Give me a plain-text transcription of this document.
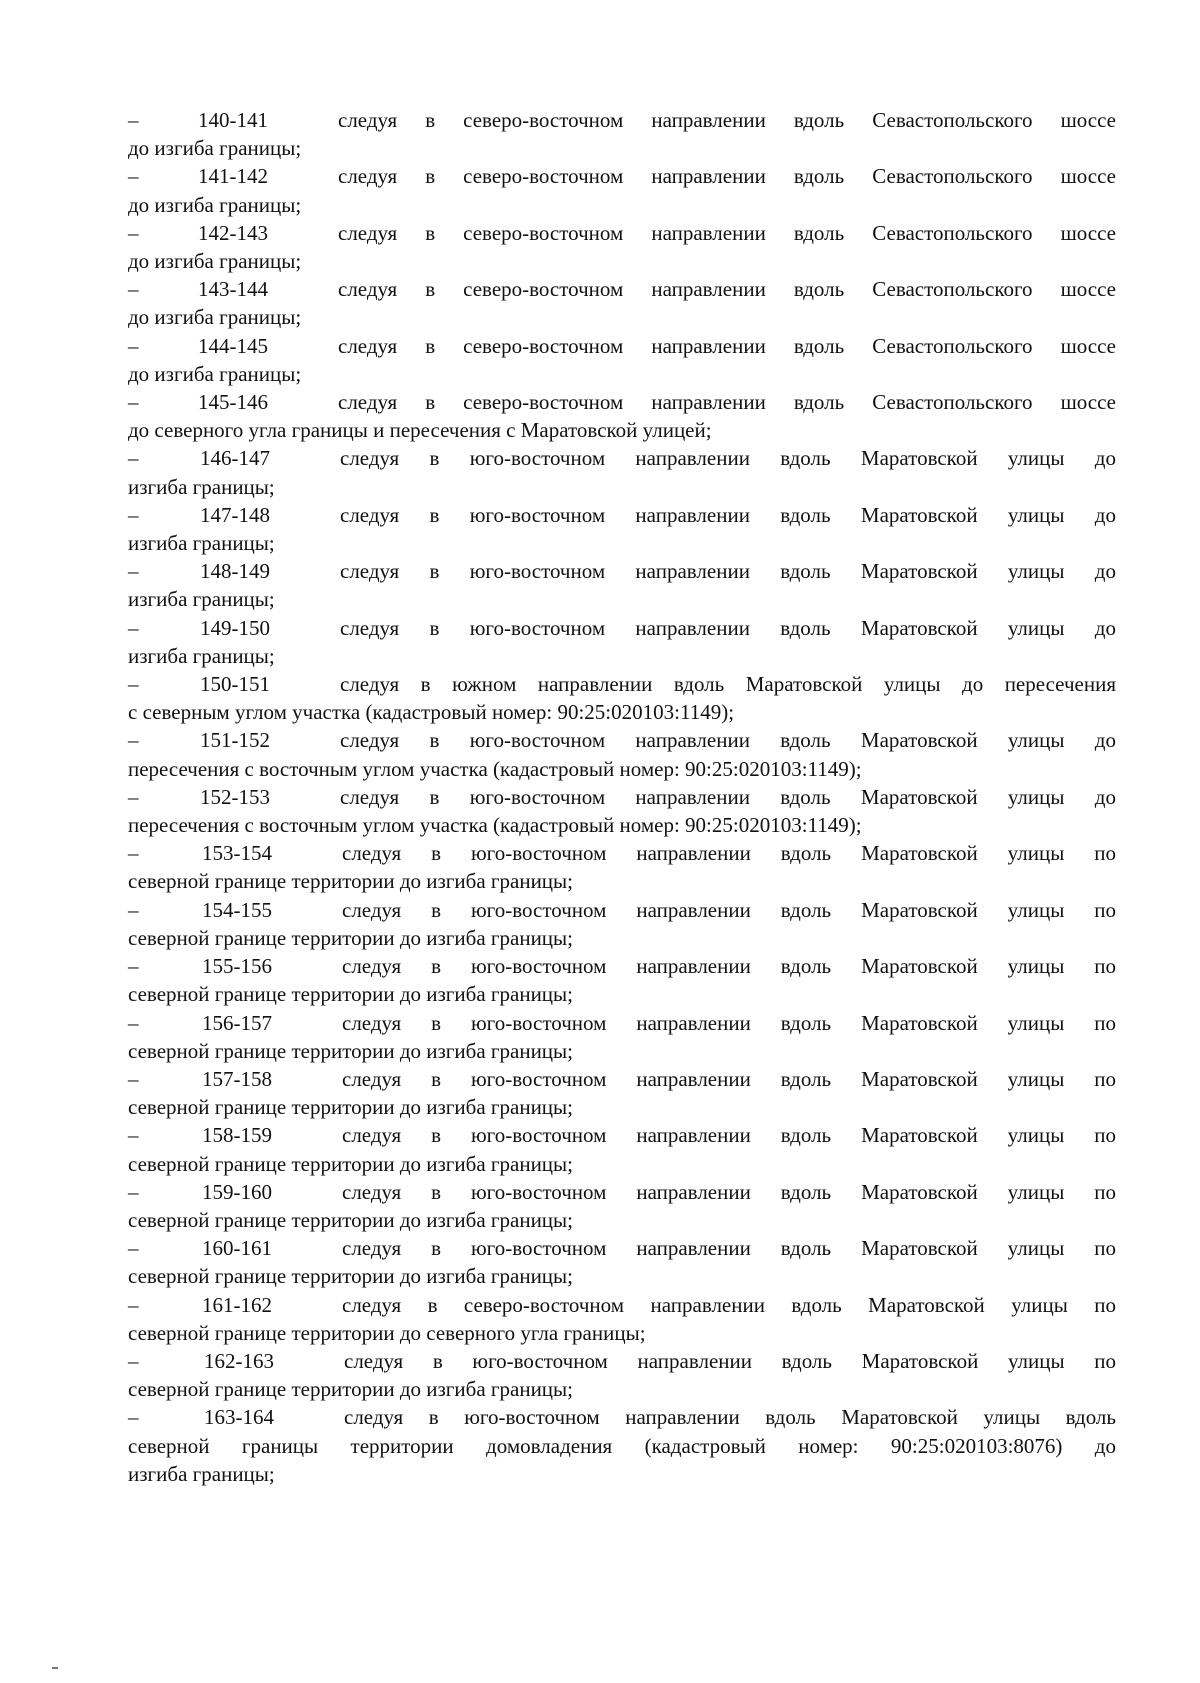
–	140-141	следуя в северо-восточном направлении вдоль Севастопольского шоссе
до изгиба границы;
–	141-142	следуя в северо-восточном направлении вдоль Севастопольского шоссе
до изгиба границы;
–	142-143	следуя в северо-восточном направлении вдоль Севастопольского шоссе
до изгиба границы;
–	143-144	следуя в северо-восточном направлении вдоль Севастопольского шоссе
до изгиба границы;
–	144-145	следуя в северо-восточном направлении вдоль Севастопольского шоссе
до изгиба границы;
–	145-146	следуя в северо-восточном направлении вдоль Севастопольского шоссе
до северного угла границы и пересечения с Маратовской улицей;
–	146-147	следуя в юго-восточном направлении вдоль Маратовской улицы до
изгиба границы;
–	147-148	следуя в юго-восточном направлении вдоль Маратовской улицы до
изгиба границы;
–	148-149	следуя в юго-восточном направлении вдоль Маратовской улицы до
изгиба границы;
–	149-150	следуя в юго-восточном направлении вдоль Маратовской улицы до
изгиба границы;
–	150-151	следуя в южном направлении вдоль Маратовской улицы до пересечения
с северным углом участка (кадастровый номер: 90:25:020103:1149);
–	151-152	следуя в юго-восточном направлении вдоль Маратовской улицы до
пересечения с восточным углом участка (кадастровый номер: 90:25:020103:1149);
–	152-153	следуя в юго-восточном направлении вдоль Маратовской улицы до
пересечения с восточным углом участка (кадастровый номер: 90:25:020103:1149);
–	153-154	следуя в юго-восточном направлении вдоль Маратовской улицы по
северной границе территории до изгиба границы;
–	154-155	следуя в юго-восточном направлении вдоль Маратовской улицы по
северной границе территории до изгиба границы;
–	155-156	следуя в юго-восточном направлении вдоль Маратовской улицы по
северной границе территории до изгиба границы;
–	156-157	следуя в юго-восточном направлении вдоль Маратовской улицы по
северной границе территории до изгиба границы;
–	157-158	следуя в юго-восточном направлении вдоль Маратовской улицы по
северной границе территории до изгиба границы;
–	158-159	следуя в юго-восточном направлении вдоль Маратовской улицы по
северной границе территории до изгиба границы;
–	159-160	следуя в юго-восточном направлении вдоль Маратовской улицы по
северной границе территории до изгиба границы;
–	160-161	следуя в юго-восточном направлении вдоль Маратовской улицы по
северной границе территории до изгиба границы;
–	161-162	следуя в северо-восточном направлении вдоль Маратовской улицы по
северной границе территории до северного угла границы;
–	162-163	следуя в юго-восточном направлении вдоль Маратовской улицы по
северной границе территории до изгиба границы;
–	163-164	следуя в юго-восточном направлении вдоль Маратовской улицы вдоль
северной границы территории домовладения (кадастровый номер: 90:25:020103:8076) до
изгиба границы;
